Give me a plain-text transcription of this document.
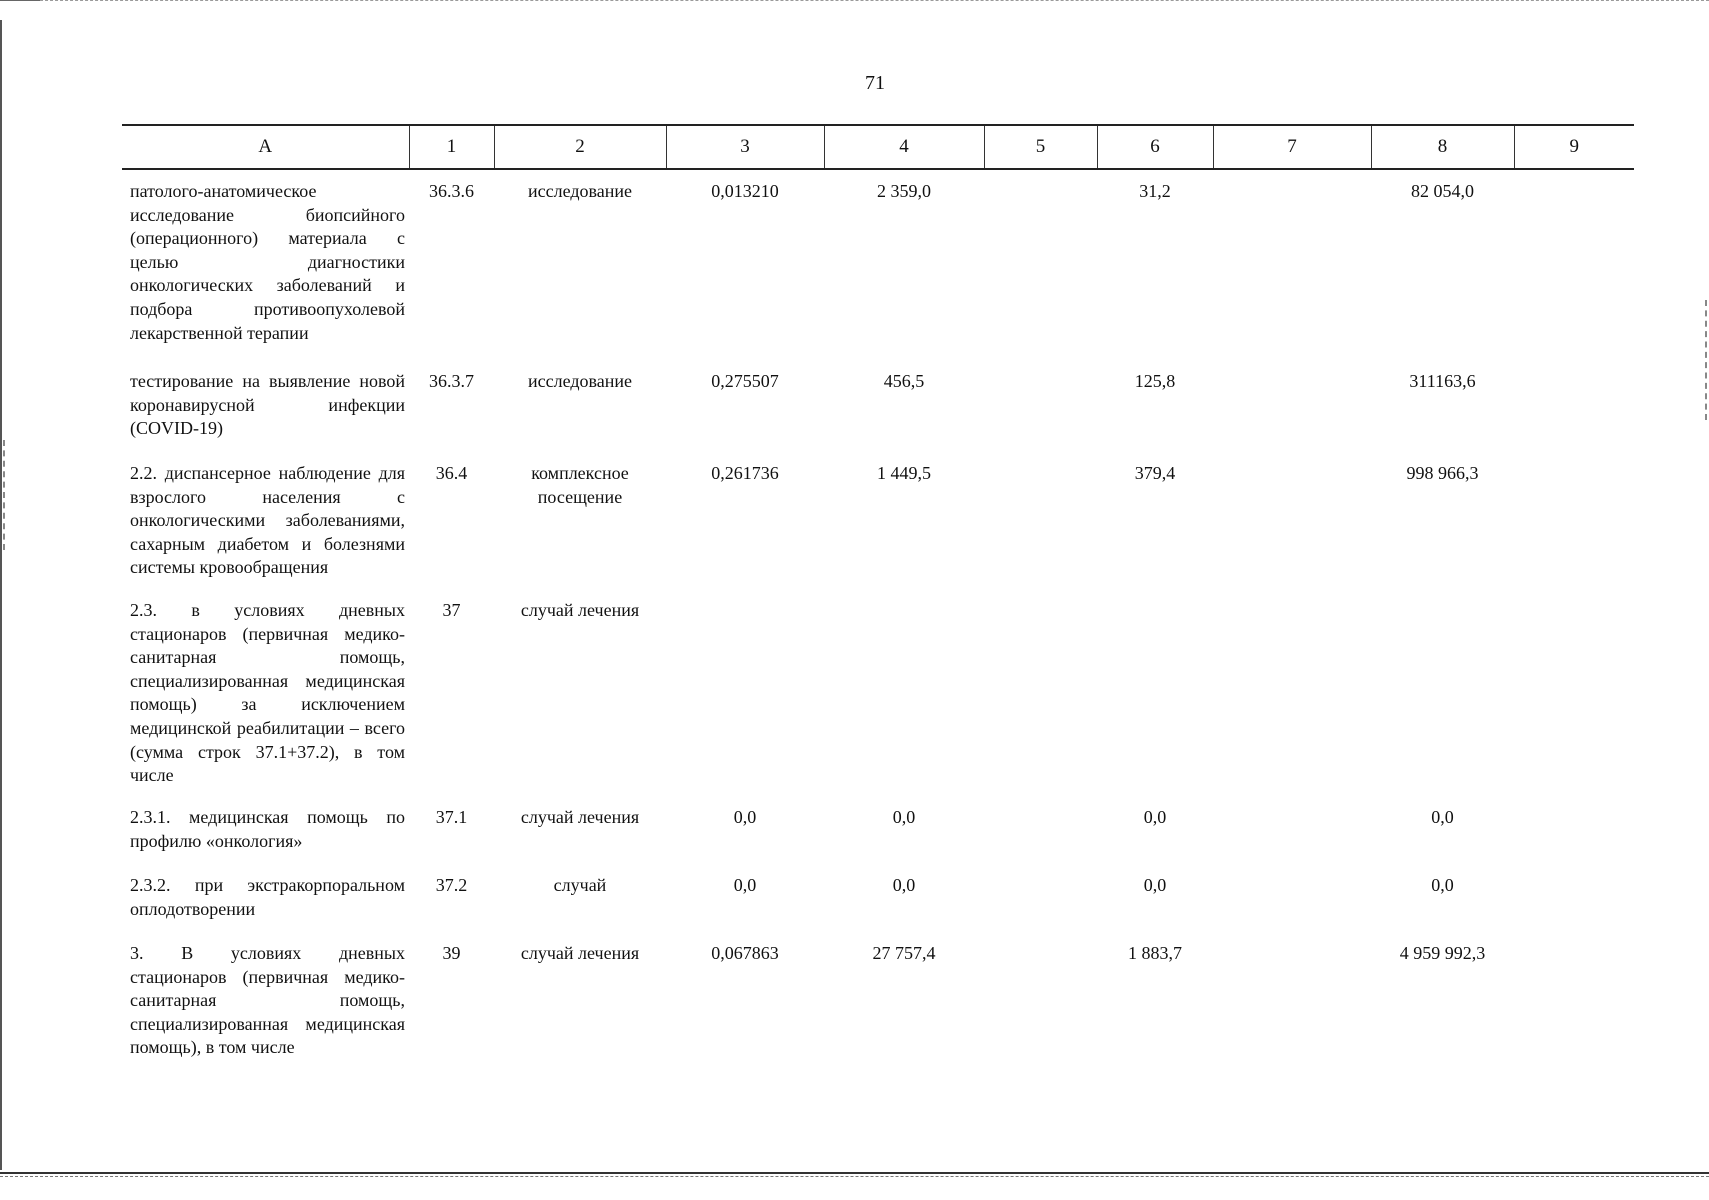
71
А	1	2	3	4	5	6	7	8	9
патолого-анатомическое исследование биопсийного (операционного) материала с целью диагностики онкологических заболеваний и подбора противоопухолевой лекарственной терапии	36.3.6	исследование	0,013210	2 359,0		31,2		82 054,0	
тестирование на выявление новой коронавирусной инфекции (COVID-19)	36.3.7	исследование	0,275507	456,5		125,8		311163,6	
2.2. диспансерное наблюдение для взрослого населения с онкологическими заболеваниями, сахарным диабетом и болезнями системы кровообращения	36.4	комплексное посещение	0,261736	1 449,5		379,4		998 966,3	
2.3. в условиях дневных стационаров (первичная медико-санитарная помощь, специализированная медицинская помощь) за исключением медицинской реабилитации – всего (сумма строк 37.1+37.2), в том числе	37	случай лечения							
2.3.1. медицинская помощь по профилю «онкология»	37.1	случай лечения	0,0	0,0		0,0		0,0	
2.3.2. при экстракорпоральном оплодотворении	37.2	случай	0,0	0,0		0,0		0,0	
3. В условиях дневных стационаров (первичная медико-санитарная помощь, специализированная медицинская помощь), в том числе	39	случай лечения	0,067863	27 757,4		1 883,7		4 959 992,3	
